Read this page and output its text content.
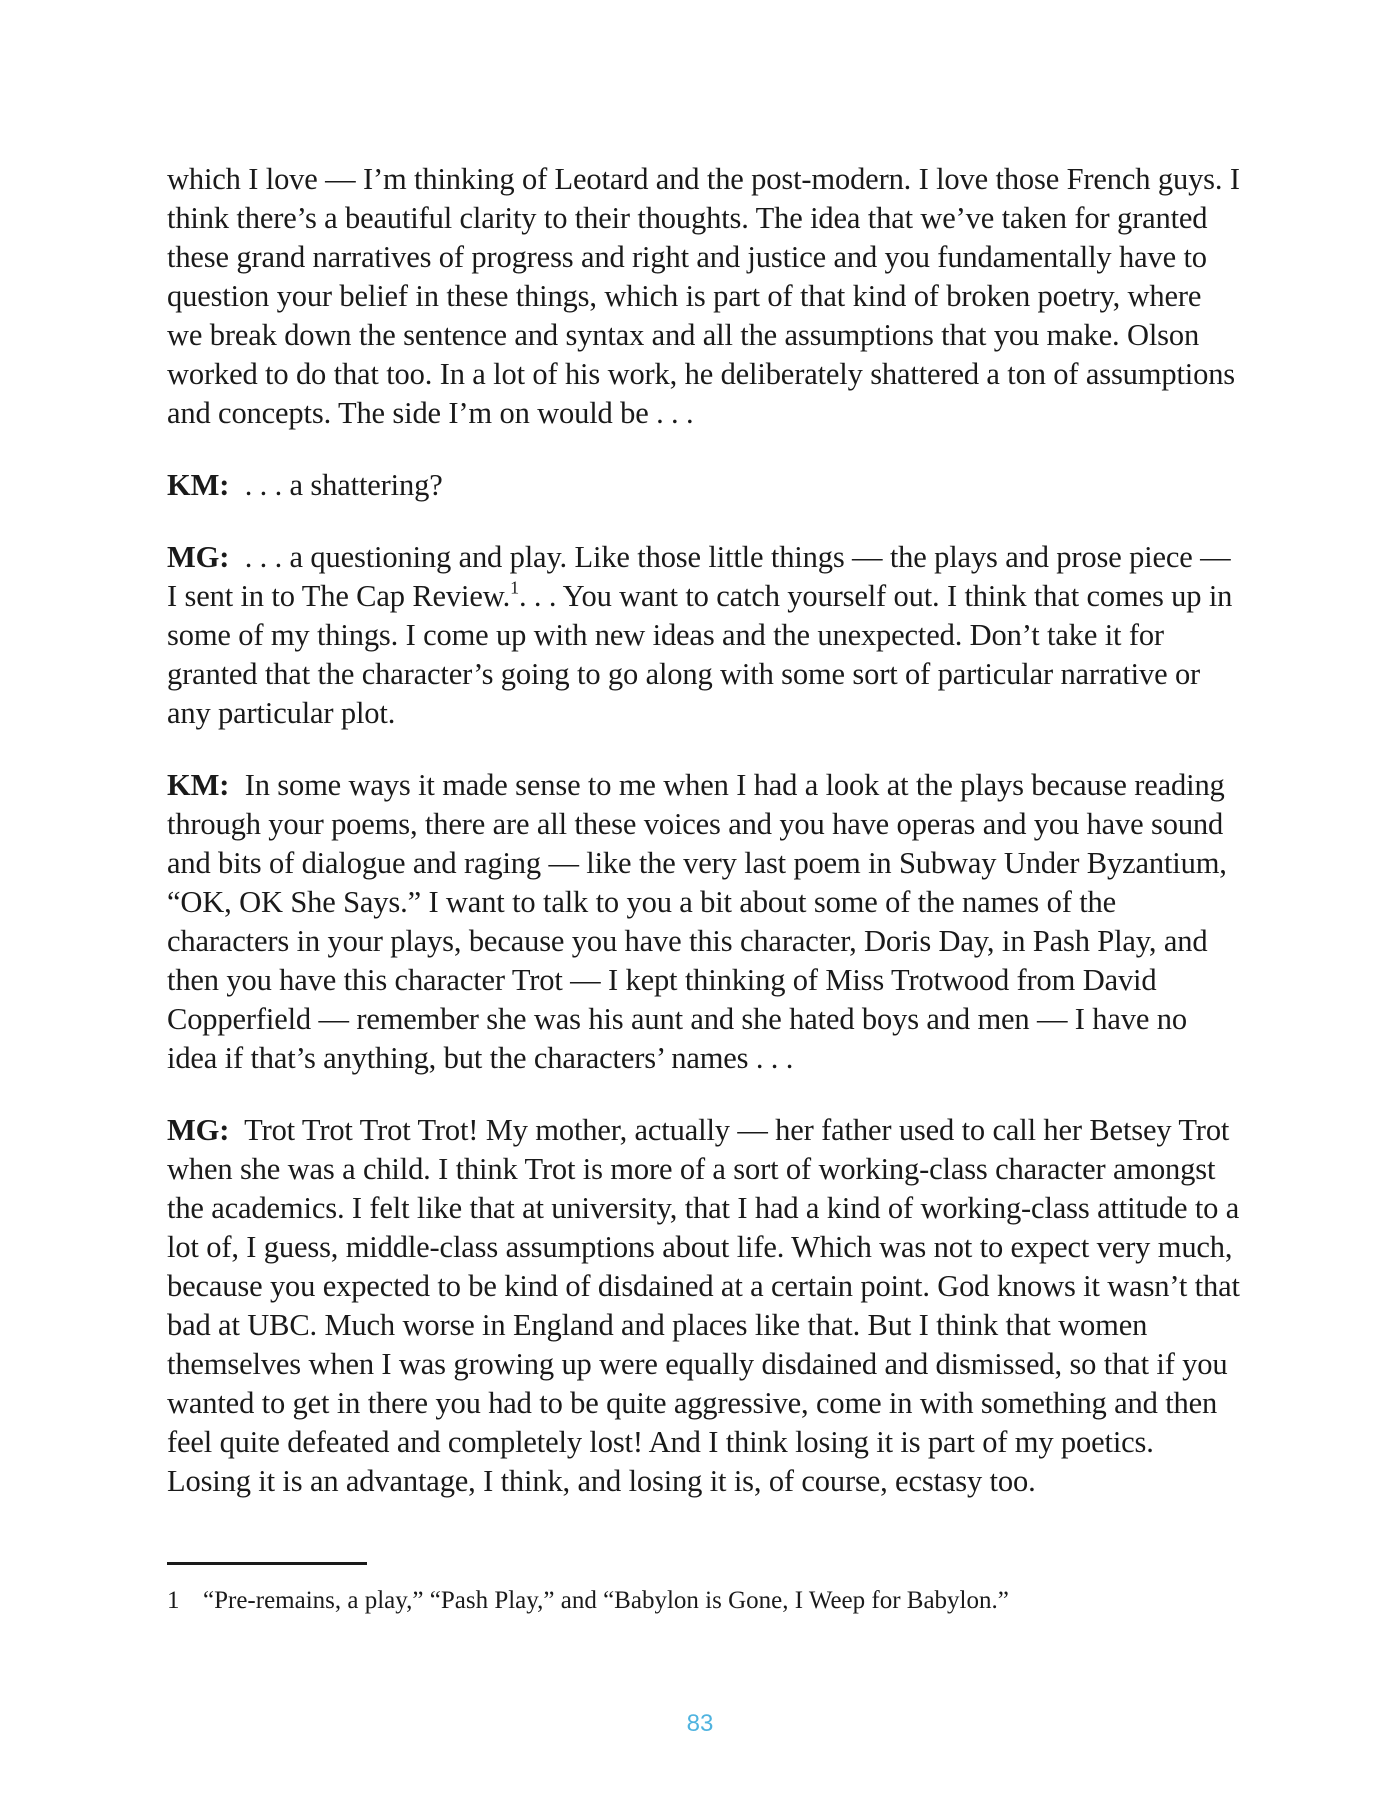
which I love — I’m thinking of Leotard and the post-modern. I love those French guys. I think there’s a beautiful clarity to their thoughts. The idea that we’ve taken for granted these grand narratives of progress and right and justice and you fundamentally have to question your belief in these things, which is part of that kind of broken poetry, where we break down the sentence and syntax and all the assumptions that you make. Olson worked to do that too. In a lot of his work, he deliberately shattered a ton of assumptions and concepts. The side I’m on would be . . .

KM: . . . a shattering?

MG: . . . a questioning and play. Like those little things — the plays and prose piece — I sent in to The Cap Review.$^1$. . . You want to catch yourself out. I think that comes up in some of my things. I come up with new ideas and the unexpected. Don’t take it for granted that the character’s going to go along with some sort of particular narrative or any particular plot.

KM: In some ways it made sense to me when I had a look at the plays because reading through your poems, there are all these voices and you have operas and you have sound and bits of dialogue and raging — like the very last poem in Subway Under Byzantium, “OK, OK She Says.” I want to talk to you a bit about some of the names of the characters in your plays, because you have this character, Doris Day, in Pash Play, and then you have this character Trot — I kept thinking of Miss Trotwood from David Copperfield — remember she was his aunt and she hated boys and men — I have no idea if that’s anything, but the characters’ names . . .

MG: Trot Trot Trot Trot! My mother, actually — her father used to call her Betsey Trot when she was a child. I think Trot is more of a sort of working-class character amongst the academics. I felt like that at university, that I had a kind of working-class attitude to a lot of, I guess, middle-class assumptions about life. Which was not to expect very much, because you expected to be kind of disdained at a certain point. God knows it wasn’t that bad at UBC. Much worse in England and places like that. But I think that women themselves when I was growing up were equally disdained and dismissed, so that if you wanted to get in there you had to be quite aggressive, come in with something and then feel quite defeated and completely lost! And I think losing it is part of my poetics. Losing it is an advantage, I think, and losing it is, of course, ecstasy too.

1 “Pre-remains, a play,” “Pash Play,” and “Babylon is Gone, I Weep for Babylon.”
83
